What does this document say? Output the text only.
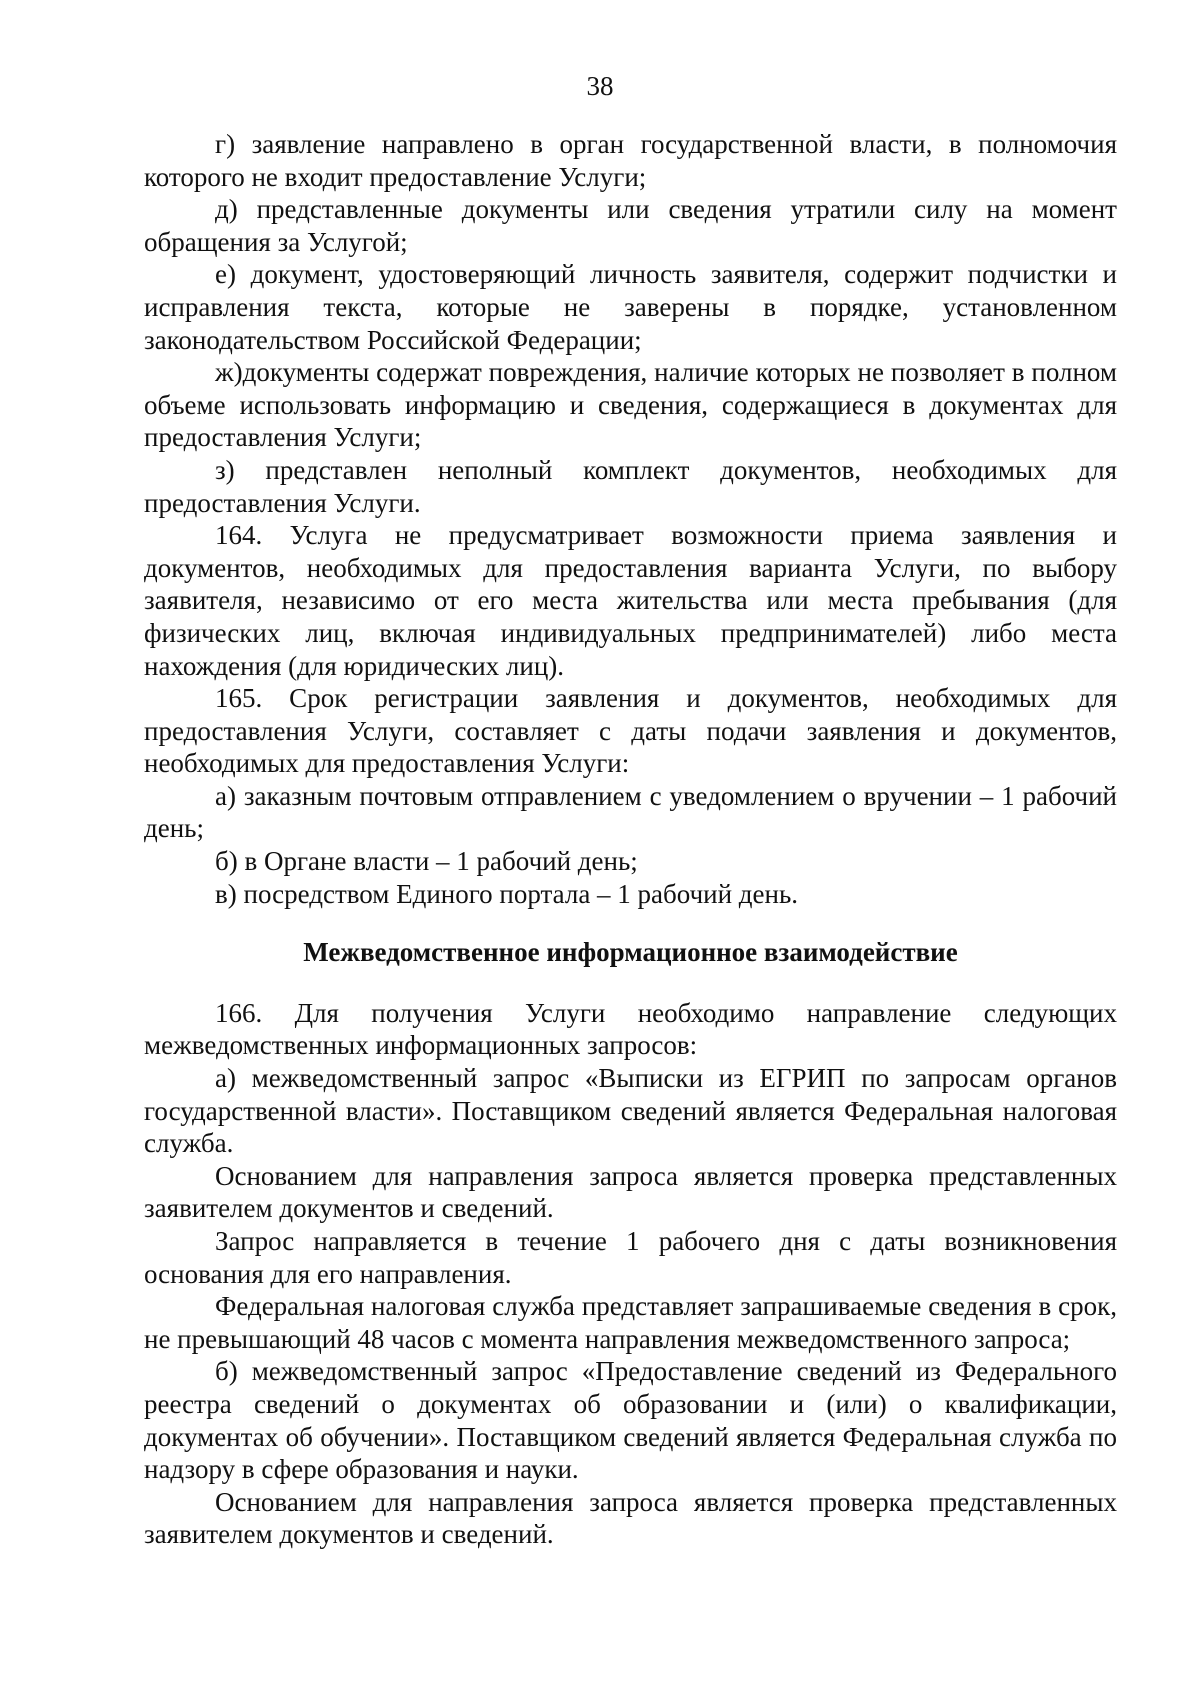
38

г) заявление направлено в орган государственной власти, в полномочия которого не входит предоставление Услуги;

д) представленные документы или сведения утратили силу на момент обращения за Услугой;

е) документ, удостоверяющий личность заявителя, содержит подчистки и исправления текста, которые не заверены в порядке, установленном законодательством Российской Федерации;

ж)документы содержат повреждения, наличие которых не позволяет в полном объеме использовать информацию и сведения, содержащиеся в документах для предоставления Услуги;

з) представлен неполный комплект документов, необходимых для предоставления Услуги.

164. Услуга не предусматривает возможности приема заявления и документов, необходимых для предоставления варианта Услуги, по выбору заявителя, независимо от его места жительства или места пребывания (для физических лиц, включая индивидуальных предпринимателей) либо места нахождения (для юридических лиц).

165. Срок регистрации заявления и документов, необходимых для предоставления Услуги, составляет с даты подачи заявления и документов, необходимых для предоставления Услуги:

а) заказным почтовым отправлением с уведомлением о вручении – 1 рабочий день;

б) в Органе власти – 1 рабочий день;

в) посредством Единого портала – 1 рабочий день.

Межведомственное информационное взаимодействие

166. Для получения Услуги необходимо направление следующих межведомственных информационных запросов:

а) межведомственный запрос «Выписки из ЕГРИП по запросам органов государственной власти». Поставщиком сведений является Федеральная налоговая служба.

Основанием для направления запроса является проверка представленных заявителем документов и сведений.

Запрос направляется в течение 1 рабочего дня с даты возникновения основания для его направления.

Федеральная налоговая служба представляет запрашиваемые сведения в срок, не превышающий 48 часов с момента направления межведомственного запроса;

б) межведомственный запрос «Предоставление сведений из Федерального реестра сведений о документах об образовании и (или) о квалификации, документах об обучении». Поставщиком сведений является Федеральная служба по надзору в сфере образования и науки.

Основанием для направления запроса является проверка представленных заявителем документов и сведений.
